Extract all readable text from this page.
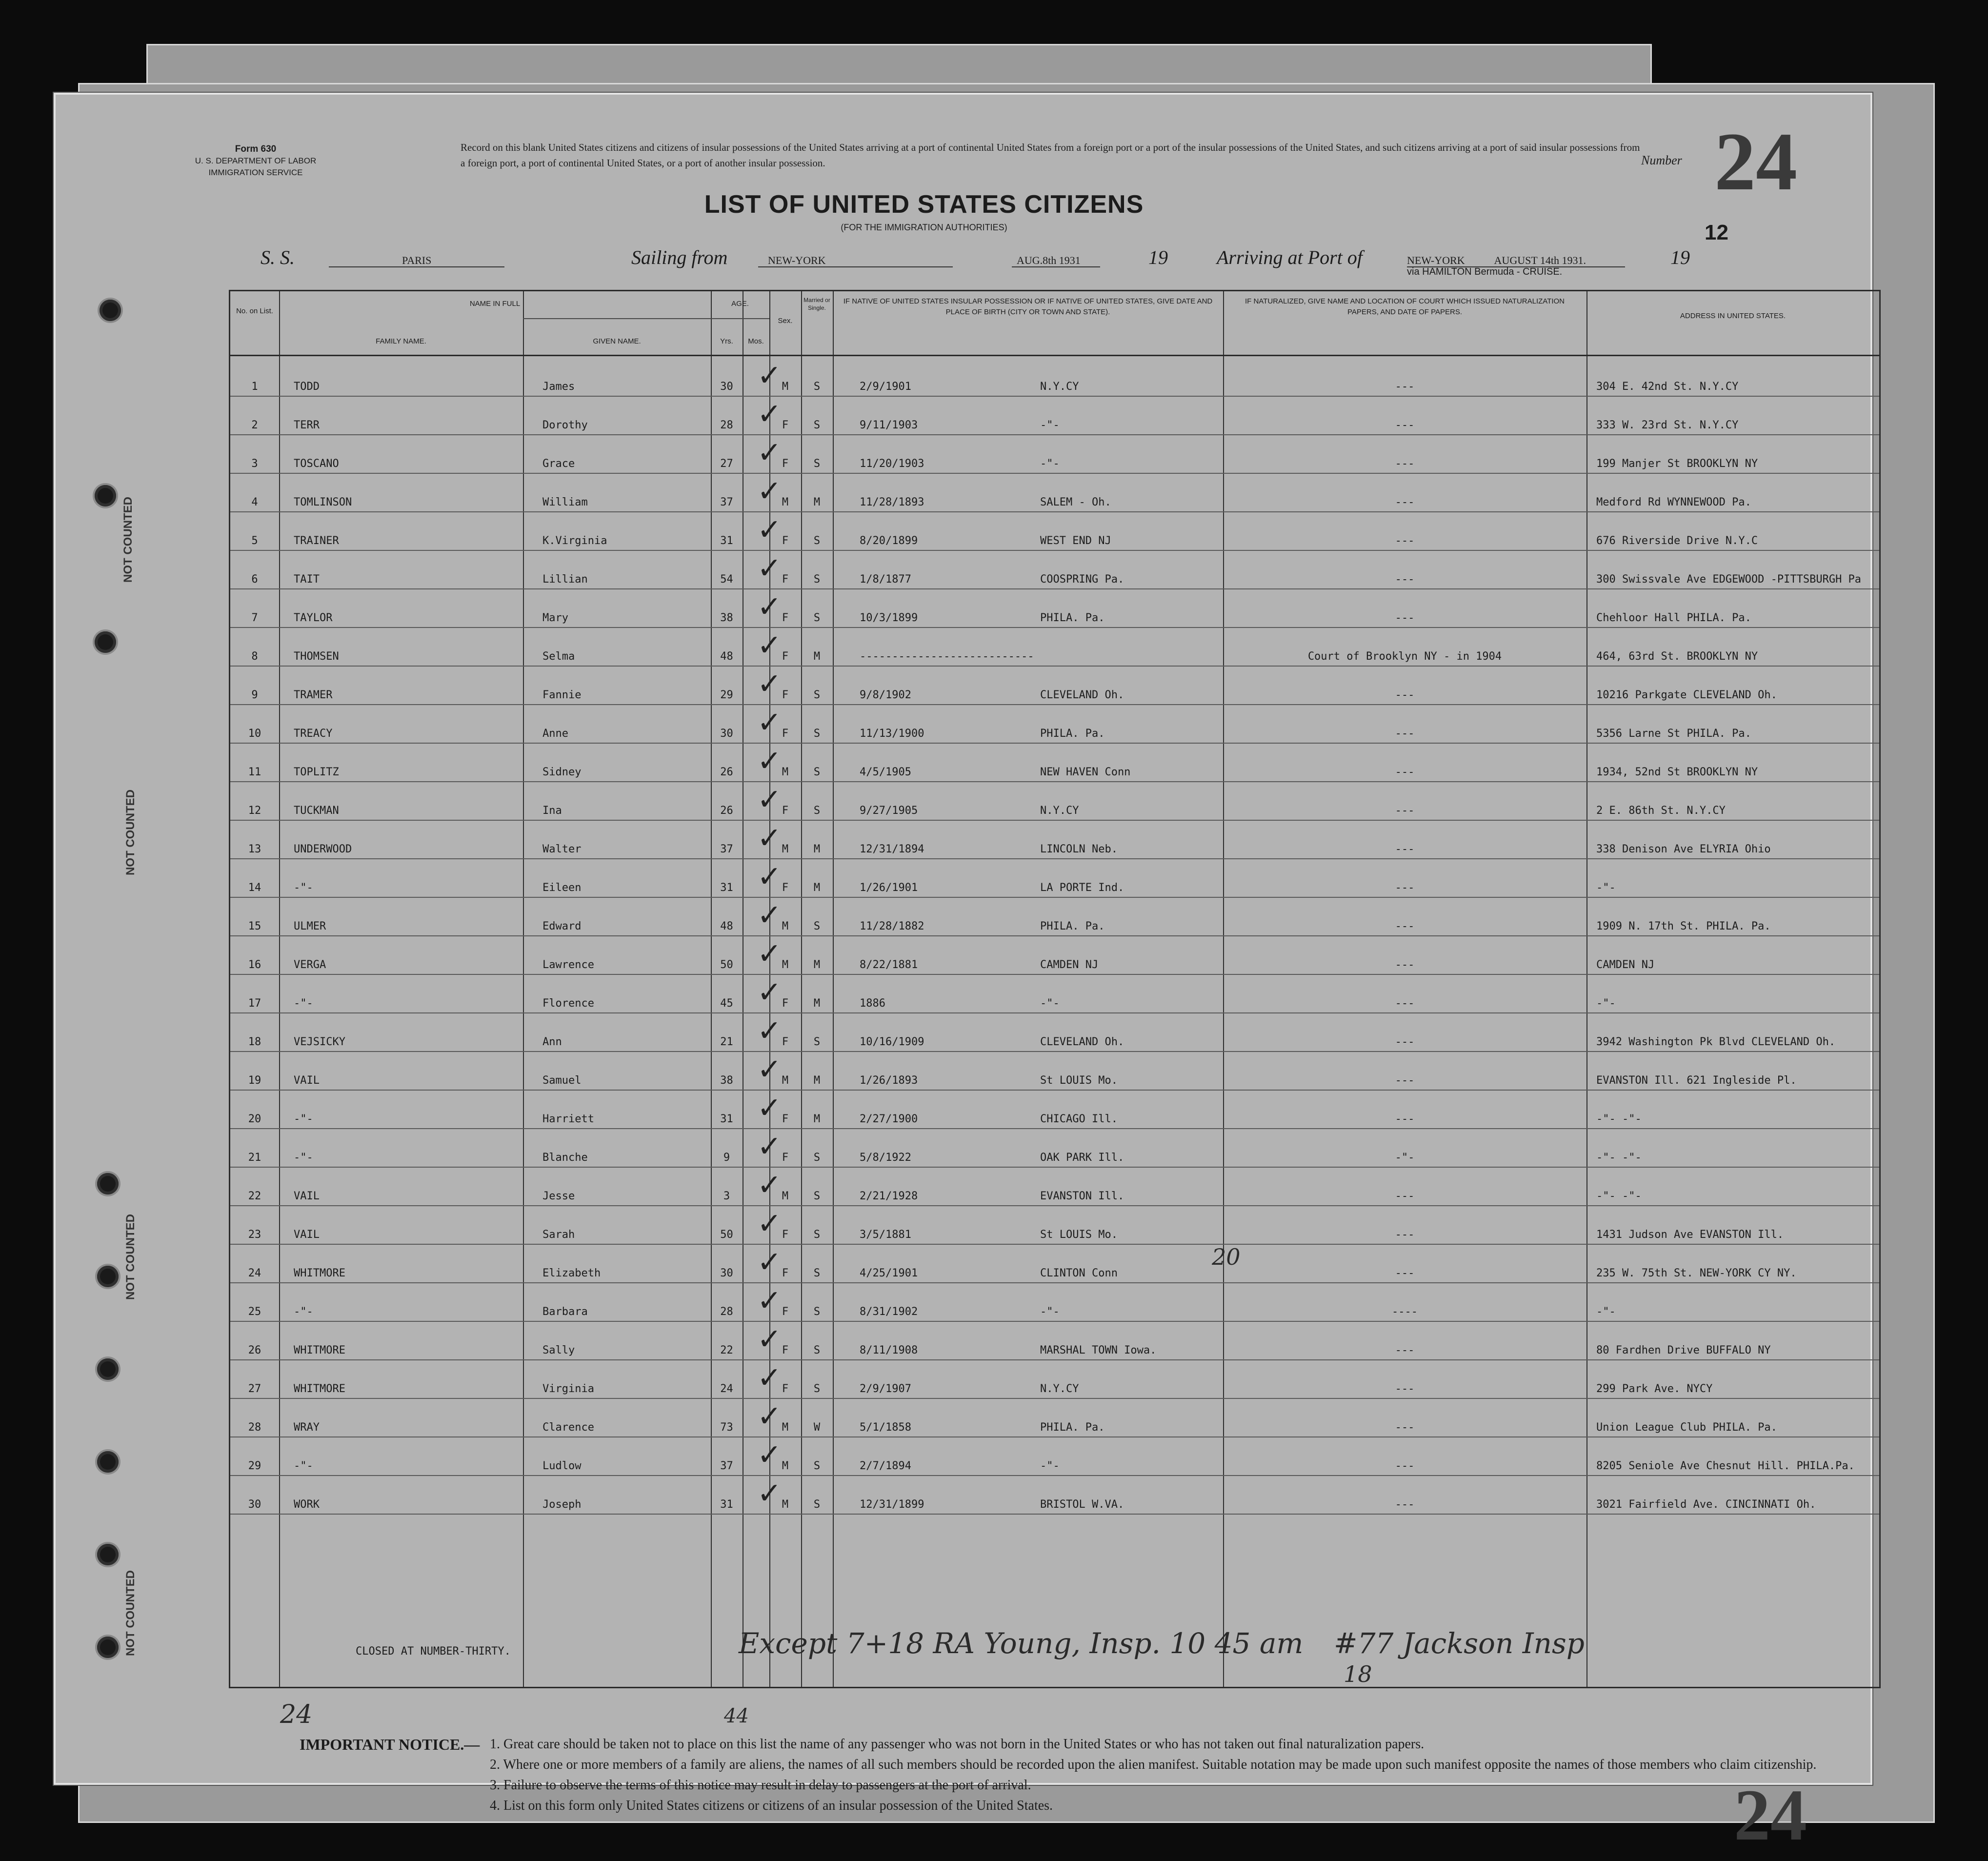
Form 630
U. S. DEPARTMENT OF LABOR
IMMIGRATION SERVICE
Record on this blank United States citizens and citizens of insular possessions of the United States arriving at a port of continental United States from a foreign port or a port of the insular possessions of the United States, and such citizens arriving at a port of said insular possessions from a foreign port, a port of continental United States, or a port of another insular possession.
LIST OF UNITED STATES CITIZENS
(FOR THE IMMIGRATION AUTHORITIES)
Number 24
12
S. S.	PARIS	Sailing from	NEW-YORK	AUG.8th 1931	19	Arriving at Port of	NEW-YORK	AUGUST 14th 1931.
via HAMILTON Bermuda - CRUISE.
19
No. on List.
NAME IN FULL
FAMILY NAME.	GIVEN NAME.
AGE.
Yrs.	Mos.
Sex.
Married or Single.
IF NATIVE OF UNITED STATES INSULAR POSSESSION OR IF NATIVE OF UNITED STATES, GIVE DATE AND PLACE OF BIRTH (CITY OR TOWN AND STATE).
IF NATURALIZED, GIVE NAME AND LOCATION OF COURT WHICH ISSUED NATURALIZATION PAPERS, AND DATE OF PAPERS.	ADDRESS IN UNITED STATES.
1	TODD	James	30	M	S	2/9/1901	N.Y.CY	---	304 E. 42nd St. N.Y.CY
✓
2	TERR	Dorothy	28	F	S	9/11/1903	-"-	---	333 W. 23rd St. N.Y.CY
✓
3	TOSCANO	Grace	27	F	S	11/20/1903	-"-	---	199 Manjer St BROOKLYN NY
✓
4	TOMLINSON	William	37	M	M	11/28/1893	SALEM - Oh.	---	Medford Rd WYNNEWOOD Pa.
✓
5	TRAINER	K.Virginia	31	F	S	8/20/1899	WEST END NJ	---	676 Riverside Drive N.Y.C
✓
6	TAIT	Lillian	54	F	S	1/8/1877	COOSPRING Pa.	---	300 Swissvale Ave EDGEWOOD -PITTSBURGH Pa
✓
7	TAYLOR	Mary	38	F	S	10/3/1899	PHILA. Pa.	---	Chehloor Hall PHILA. Pa.
✓
8	THOMSEN	Selma	48	F	M	---------------------------	Court of Brooklyn NY - in 1904	464, 63rd St. BROOKLYN NY
✓
9	TRAMER	Fannie	29	F	S	9/8/1902	CLEVELAND Oh.	---	10216 Parkgate CLEVELAND Oh.
✓
10	TREACY	Anne	30	F	S	11/13/1900	PHILA. Pa.	---	5356 Larne St PHILA. Pa.
✓
11	TOPLITZ	Sidney	26	M	S	4/5/1905	NEW HAVEN Conn	---	1934, 52nd St BROOKLYN NY
✓
12	TUCKMAN	Ina	26	F	S	9/27/1905	N.Y.CY	---	2 E. 86th St. N.Y.CY
✓
13	UNDERWOOD	Walter	37	M	M	12/31/1894	LINCOLN Neb.	---	338 Denison Ave ELYRIA Ohio
✓
14	-"-	Eileen	31	F	M	1/26/1901	LA PORTE Ind.	---	-"-
✓
15	ULMER	Edward	48	M	S	11/28/1882	PHILA. Pa.	---	1909 N. 17th St. PHILA. Pa.
✓
16	VERGA	Lawrence	50	M	M	8/22/1881	CAMDEN NJ	---	CAMDEN NJ
✓
17	-"-	Florence	45	F	M	1886	-"-	---	-"-
✓
18	VEJSICKY	Ann	21	F	S	10/16/1909	CLEVELAND Oh.	---	3942 Washington Pk Blvd CLEVELAND Oh.
✓
19	VAIL	Samuel	38	M	M	1/26/1893	St LOUIS Mo.	---	EVANSTON Ill. 621 Ingleside Pl.
✓
20	-"-	Harriett	31	F	M	2/27/1900	CHICAGO Ill.	---	-"- -"-
✓
21	-"-	Blanche	9	F	S	5/8/1922	OAK PARK Ill.	-"-	-"- -"-
✓
22	VAIL	Jesse	3	M	S	2/21/1928	EVANSTON Ill.	---	-"- -"-
✓
23	VAIL	Sarah	50	F	S	3/5/1881	St LOUIS Mo.	---	1431 Judson Ave EVANSTON Ill.
✓
24	WHITMORE	Elizabeth	30	F	S	4/25/1901	CLINTON Conn	---	235 W. 75th St. NEW-YORK CY NY.
✓
25	-"-	Barbara	28	F	S	8/31/1902	-"-	----	-"-
✓
26	WHITMORE	Sally	22	F	S	8/11/1908	MARSHAL TOWN Iowa.	---	80 Fardhen Drive BUFFALO NY
✓
27	WHITMORE	Virginia	24	F	S	2/9/1907	N.Y.CY	---	299 Park Ave. NYCY
✓
28	WRAY	Clarence	73	M	W	5/1/1858	PHILA. Pa.	---	Union League Club PHILA. Pa.
✓
29	-"-	Ludlow	37	M	S	2/7/1894	-"-	---	8205 Seniole Ave Chesnut Hill. PHILA.Pa.
✓
30	WORK	Joseph	31	M	S	12/31/1899	BRISTOL W.VA.	---	3021 Fairfield Ave. CINCINNATI Oh.
✓
CLOSED AT NUMBER-THIRTY.
NOT COUNTED
NOT COUNTED
NOT COUNTED
NOT COUNTED	Except 7+18 RA Young, Insp. 10 45 am #77 Jackson Insp
18
20
24	44
IMPORTANT NOTICE.— 1. Great care should be taken not to place on this list the name of any passenger who was not born in the United States or who has not taken out final naturalization papers.
2. Where one or more members of a family are aliens, the names of all such members should be recorded upon the alien manifest. Suitable notation may be made upon such manifest opposite the names of those members who claim citizenship.
3. Failure to observe the terms of this notice may result in delay to passengers at the port of arrival.
4. List on this form only United States citizens or citizens of an insular possession of the United States.	24
